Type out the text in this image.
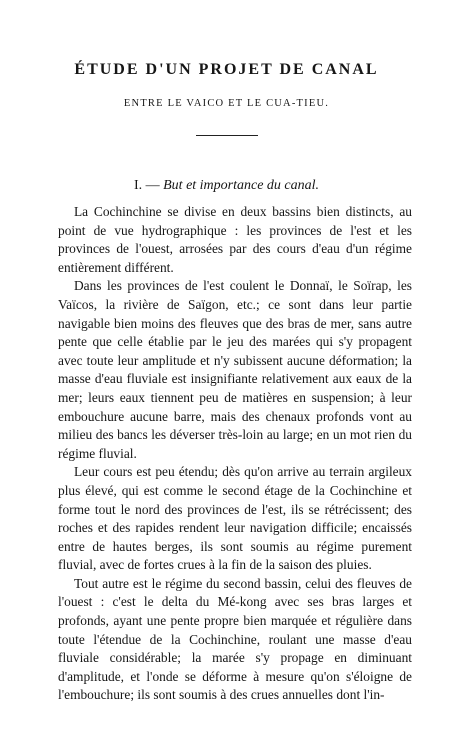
ÉTUDE D'UN PROJET DE CANAL
ENTRE LE VAICO ET LE CUA-TIEU.
I. — But et importance du canal.

La Cochinchine se divise en deux bassins bien distincts, au point de vue hydrographique : les provinces de l'est et les provinces de l'ouest, arrosées par des cours d'eau d'un régime entièrement différent.

Dans les provinces de l'est coulent le Donnaï, le Soïrap, les Vaïcos, la rivière de Saïgon, etc.; ce sont dans leur partie navigable bien moins des fleuves que des bras de mer, sans autre pente que celle établie par le jeu des marées qui s'y propagent avec toute leur amplitude et n'y subissent aucune déformation; la masse d'eau fluviale est insignifiante relativement aux eaux de la mer; leurs eaux tiennent peu de matières en suspension; à leur embouchure aucune barre, mais des chenaux profonds vont au milieu des bancs les déverser très-loin au large; en un mot rien du régime fluvial.

Leur cours est peu étendu; dès qu'on arrive au terrain argileux plus élevé, qui est comme le second étage de la Cochinchine et forme tout le nord des provinces de l'est, ils se rétrécissent; des roches et des rapides rendent leur navigation difficile; encaissés entre de hautes berges, ils sont soumis au régime purement fluvial, avec de fortes crues à la fin de la saison des pluies.

Tout autre est le régime du second bassin, celui des fleuves de l'ouest : c'est le delta du Mé-kong avec ses bras larges et profonds, ayant une pente propre bien marquée et régulière dans toute l'étendue de la Cochinchine, roulant une masse d'eau fluviale considérable; la marée s'y propage en diminuant d'amplitude, et l'onde se déforme à mesure qu'on s'éloigne de l'embouchure; ils sont soumis à des crues annuelles dont l'in-
